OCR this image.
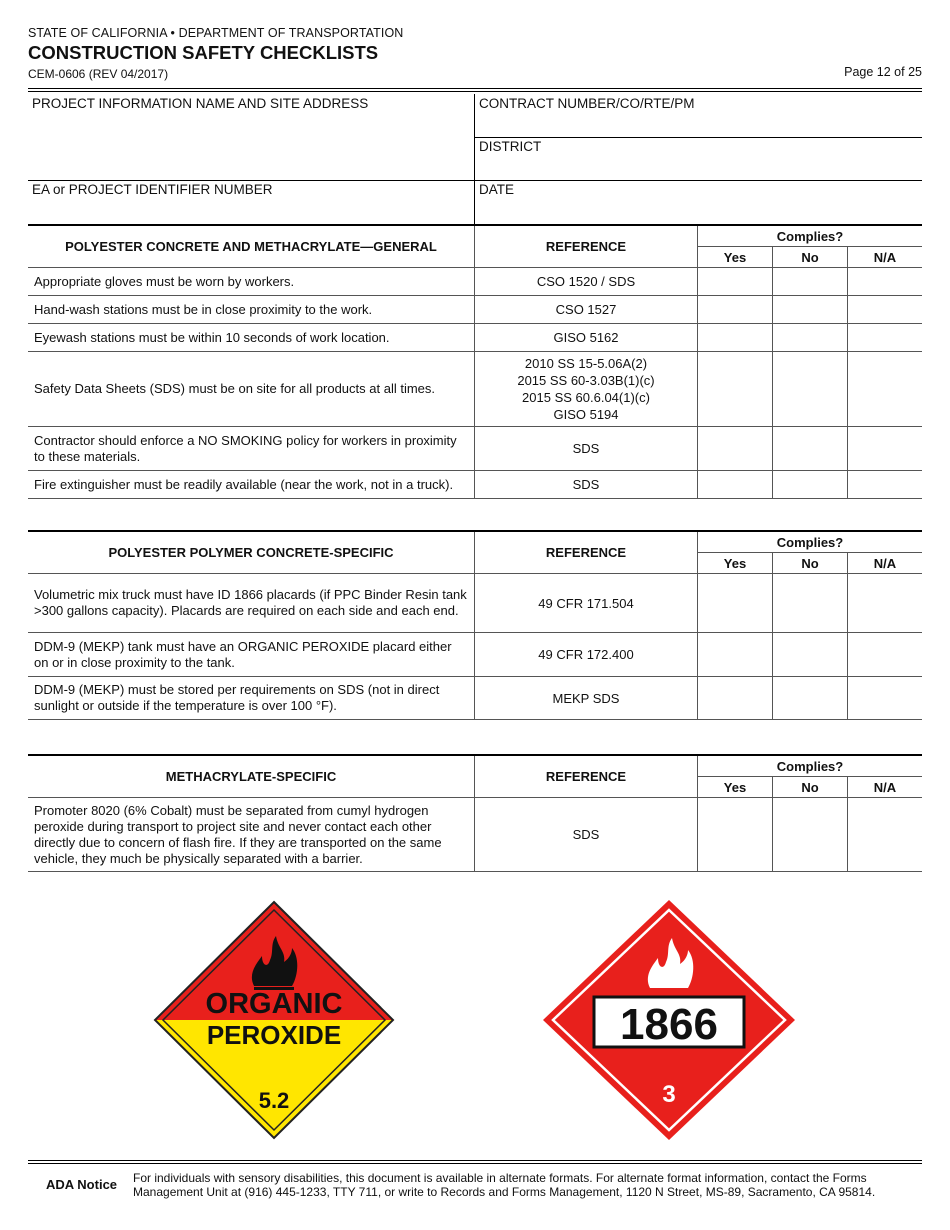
STATE OF CALIFORNIA • DEPARTMENT OF TRANSPORTATION
CONSTRUCTION SAFETY CHECKLISTS
CEM-0606 (REV 04/2017)	Page 12 of 25
PROJECT INFORMATION NAME AND SITE ADDRESS	CONTRACT NUMBER/CO/RTE/PM
DISTRICT
EA or PROJECT IDENTIFIER NUMBER	DATE
POLYESTER CONCRETE AND METHACRYLATE—GENERAL	REFERENCE	Complies?		
		Yes	No	N/A
Appropriate gloves must be worn by workers.	CSO 1520 / SDS			

Hand-wash stations must be in close proximity to the work.	CSO 1527			

Eyewash stations must be within 10 seconds of work location.	GISO 5162			

Safety Data Sheets (SDS) must be on site for all products at all times.	2010 SS 15-5.06A(2)
2015 SS 60-3.03B(1)(c)
2015 SS 60.6.04(1)(c)
GISO 5194			

Contractor should enforce a NO SMOKING policy for workers in proximity to these materials.	SDS			

Fire extinguisher must be readily available (near the work, not in a truck).	SDS			

POLYESTER POLYMER CONCRETE-SPECIFIC	REFERENCE	Complies?		
		Yes	No	N/A
Volumetric mix truck must have ID 1866 placards (if PPC Binder Resin tank >300 gallons capacity). Placards are required on each side and each end.	49 CFR 171.504			

DDM-9 (MEKP) tank must have an ORGANIC PEROXIDE placard either on or in close proximity to the tank.	49 CFR 172.400			

DDM-9 (MEKP) must be stored per requirements on SDS (not in direct sunlight or outside if the temperature is over 100 °F).	MEKP SDS			

METHACRYLATE-SPECIFIC	REFERENCE	Complies?		
		Yes	No	N/A
Promoter 8020 (6% Cobalt) must be separated from cumyl hydrogen peroxide during transport to project site and never contact each other directly due to concern of flash fire. If they are transported on the same vehicle, they much be physically separated with a barrier.	SDS			

ORGANIC
PEROXIDE
5.2
1866
3
ADA Notice For individuals with sensory disabilities, this document is available in alternate formats. For alternate format information, contact the Forms Management Unit at (916) 445-1233, TTY 711, or write to Records and Forms Management, 1120 N Street, MS-89, Sacramento, CA 95814.
